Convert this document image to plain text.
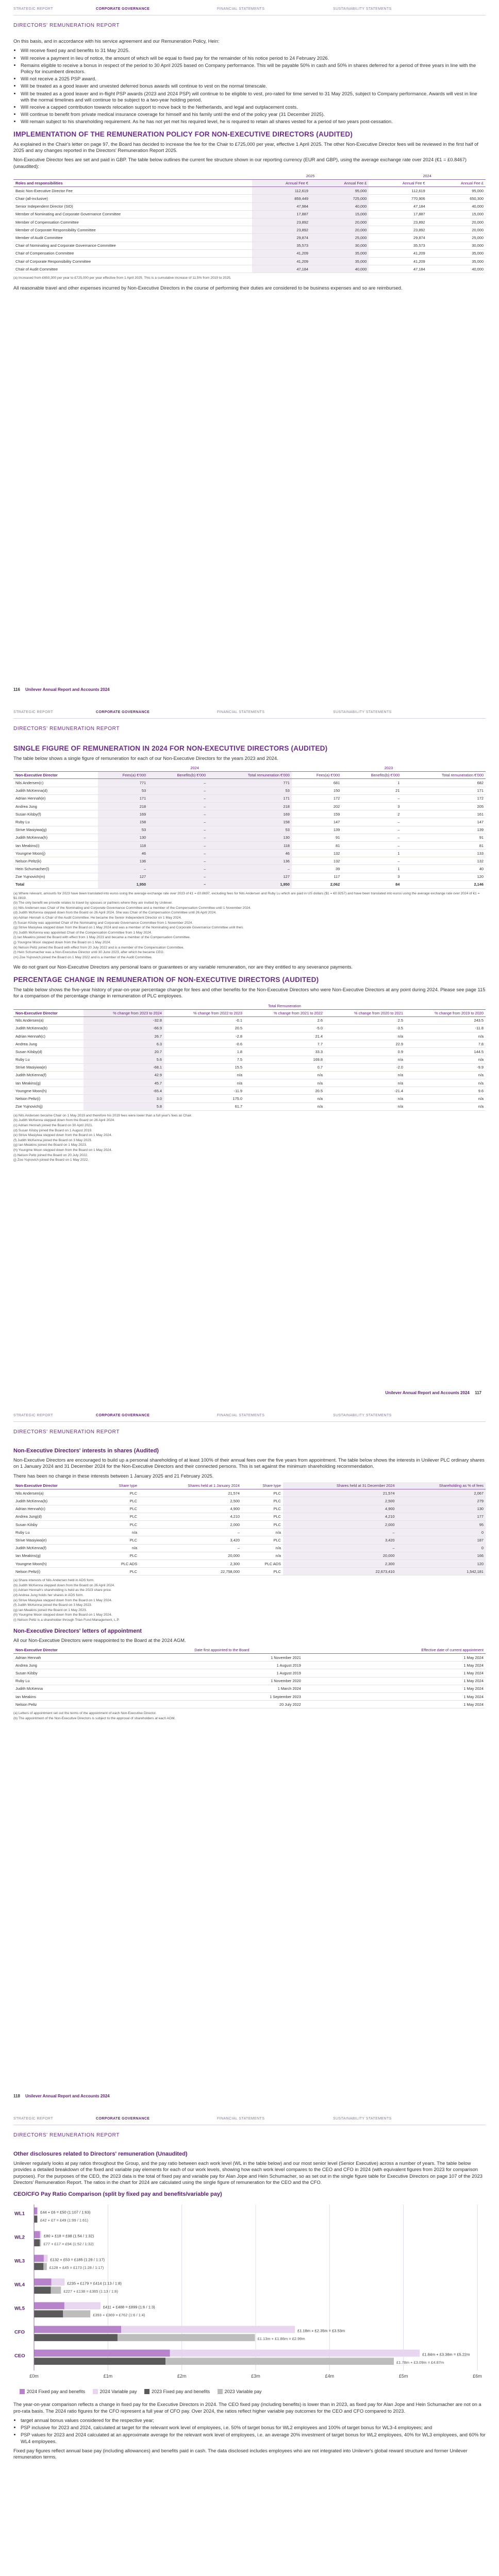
STRATEGIC REPORT	CORPORATE GOVERNANCE	FINANCIAL STATEMENTS	SUSTAINABILITY STATEMENTS
DIRECTORS' REMUNERATION REPORT

On this basis, and in accordance with his service agreement and our Remuneration Policy, Hein:

• Will receive fixed pay and benefits to 31 May 2025.
• Will receive a payment in lieu of notice, the amount of which will be equal to fixed pay for the remainder of his notice period to 24 February 2026.
• Remains eligible to receive a bonus in respect of the period to 30 April 2025 based on Company performance. This will be payable 50% in cash and 50% in shares deferred for a period of three years in line with the Policy for incumbent directors.
• Will not receive a 2025 PSP award.
• Will be treated as a good leaver and unvested deferred bonus awards will continue to vest on the normal timescale.
• Will be treated as a good leaver and in-flight PSP awards (2023 and 2024 PSP) will continue to be eligible to vest, pro-rated for time served to 31 May 2025, subject to Company performance. Awards will vest in line with the normal timelines and will continue to be subject to a two-year holding period.
• Will receive a capped contribution towards relocation support to move back to the Netherlands, and legal and outplacement costs.
• Will continue to benefit from private medical insurance coverage for himself and his family until the end of the policy year (31 December 2025).
• Will remain subject to his shareholding requirement. As he has not yet met his required level, he is required to retain all shares vested for a period of two years post-cessation.
IMPLEMENTATION OF THE REMUNERATION POLICY FOR NON-EXECUTIVE DIRECTORS (AUDITED)

As explained in the Chair's letter on page 97, the Board has decided to increase the fee for the Chair to £725,000 per year, effective 1 April 2025. The other Non-Executive Director fees will be reviewed in the first half of 2025 and any changes reported in the Directors' Remuneration Report 2025.

Non-Executive Director fees are set and paid in GBP. The table below outlines the current fee structure shown in our reporting currency (EUR and GBP), using the average exchange rate over 2024 (€1 = £0.8467) (unaudited):

	2025		2024	
Roles and responsibilities	Annual Fee €	Annual Fee £	Annual Fee €	Annual Fee £
Basic Non-Executive Director Fee	112,619	95,000	112,619	95,000
Chair (all-inclusive)	859,449	725,000	770,906	650,300
Senior Independent Director (SID)	47,984	40,000	47,184	40,000
Member of Nominating and Corporate Governance Committee	17,887	15,000	17,887	15,000
Member of Compensation Committee	23,892	20,000	23,892	20,000
Member of Corporate Responsibility Committee	23,892	20,000	23,892	20,000
Member of Audit Committee	29,874	25,000	29,874	25,000
Chair of Nominating and Corporate Governance Committee	35,573	30,000	35,573	30,000
Chair of Compensation Committee	41,209	35,000	41,209	35,000
Chair of Corporate Responsibility Committee	41,209	35,000	41,209	35,000
Chair of Audit Committee	47,184	40,000	47,184	40,000
(a) Increased from £650,300 per year to £725,000 per year effective from 1 April 2025. This is a cumulative increase of 11.5% from 2019 to 2025.

All reasonable travel and other expenses incurred by Non-Executive Directors in the course of performing their duties are considered to be business expenses and so are reimbursed.

116 Unilever Annual Report and Accounts 2024
STRATEGIC REPORT	CORPORATE GOVERNANCE	FINANCIAL STATEMENTS	SUSTAINABILITY STATEMENTS
DIRECTORS' REMUNERATION REPORT
SINGLE FIGURE OF REMUNERATION IN 2024 FOR NON-EXECUTIVE DIRECTORS (AUDITED)

The table below shows a single figure of remuneration for each of our Non-Executive Directors for the years 2023 and 2024.

	2024			2023		
Non-Executive Director	Fees(a) €'000	Benefits(b) €'000	Total remuneration €'000	Fees(a) €'000	Benefits(b) €'000	Total remuneration €'000
Nils Andersen(c)	771	–	771	681	1	682
Judith McKenna(d)	53	–	53	150	21	171
Adrian Hennah(e)	171	–	171	172	–	172
Andrea Jung	218	–	218	202	3	205
Susan Kilsby(f)	169	–	169	159	2	161
Ruby Lu	158	–	158	147	–	147
Strive Masiyiwa(g)	53	–	53	139	–	139
Judith McKenna(h)	130	–	130	91	–	91
Ian Meakins(i)	118	–	118	81	–	81
Youngme Moon(j)	46	–	46	132	1	133
Nelson Peltz(k)	136	–	136	132	–	132
Hein Schumacher(l)	–	–	–	39	1	40
Zoe Yujnovich(m)	127	–	127	117	3	120
Total	1,950	–	1,950	2,062	84	2,146
(a) Where relevant, amounts for 2023 have been translated into euros using the average exchange rate over 2023 of €1 = £0.8697, excluding fees for Nils Andersen and Ruby Lu which are paid in US dollars ($1 = €0.9257) and have been translated into euros using the average exchange rate over 2024 of €1 = $1.0819.
(b) The only benefit we provide relates to travel by spouses or partners where they are invited by Unilever.
(c) Nils Andersen was Chair of the Nominating and Corporate Governance Committee and a member of the Compensation Committee until 1 November 2024.
(d) Judith McKenna stepped down from the Board on 26 April 2024. She was Chair of the Compensation Committee until 26 April 2024.
(e) Adrian Hennah is Chair of the Audit Committee. He became the Senior Independent Director on 1 May 2024.
(f) Susan Kilsby was appointed Chair of the Nominating and Corporate Governance Committee from 1 November 2024.
(g) Strive Masiyiwa stepped down from the Board on 1 May 2024 and was a member of the Nominating and Corporate Governance Committee until then.
(h) Judith McKenna was appointed Chair of the Compensation Committee from 1 May 2024.
(i) Ian Meakins joined the Board with effect from 1 May 2023 and became a member of the Compensation Committee.
(j) Youngme Moon stepped down from the Board on 1 May 2024.
(k) Nelson Peltz joined the Board with effect from 20 July 2022 and is a member of the Compensation Committee.
(l) Hein Schumacher was a Non-Executive Director until 30 June 2023, after which he became CEO.
(m) Zoe Yujnovich joined the Board on 1 May 2022 and is a member of the Audit Committee.

We do not grant our Non-Executive Directors any personal loans or guarantees or any variable remuneration, nor are they entitled to any severance payments.

PERCENTAGE CHANGE IN REMUNERATION OF NON-EXECUTIVE DIRECTORS (AUDITED)

The table below shows the five-year history of year-on-year percentage change for fees and other benefits for the Non-Executive Directors who were Non-Executive Directors at any point during 2024. Please see page 115 for a comparison of the percentage change in remuneration of PLC employees.

	Total Remuneration				
Non-Executive Director	% change from 2023 to 2024	% change from 2022 to 2023	% change from 2021 to 2022	% change from 2020 to 2021	% change from 2019 to 2020
Nils Andersen(a)	-32.8	-0.1	2.6	2.5	243.5
Judith McKenna(b)	-66.9	20.5	-5.0	-3.5	-11.8
Adrian Hennah(c)	26.7	-2.8	21.4	n/a	n/a
Andrea Jung	6.3	-0.6	7.7	22.9	7.8
Susan Kilsby(d)	20.7	1.8	33.3	0.9	144.5
Ruby Lu	5.6	7.5	169.8	n/a	n/a
Strive Masiyiwa(e)	-68.1	15.5	0.7	-2.0	-9.9
Judith McKenna(f)	42.9	n/a	n/a	n/a	n/a
Ian Meakins(g)	45.7	n/a	n/a	n/a	n/a
Youngme Moon(h)	-65.4	-11.9	20.5	-21.4	9.6
Nelson Peltz(i)	3.0	175.0	n/a	n/a	n/a
Zoe Yujnovich(j)	5.8	61.7	n/a	n/a	n/a
(a) Nils Andersen became Chair on 1 May 2019 and therefore his 2019 fees were lower than a full year's fees as Chair.
(b) Judith McKenna stepped down from the Board on 26 April 2024.
(c) Adrian Hennah joined the Board on 30 April 2021.
(d) Susan Kilsby joined the Board on 1 August 2019.
(e) Strive Masiyiwa stepped down from the Board on 1 May 2024.
(f) Judith McKenna joined the Board on 3 May 2023.
(g) Ian Meakins joined the Board on 1 May 2023.
(h) Youngme Moon stepped down from the Board on 1 May 2024.
(i) Nelson Peltz joined the Board on 20 July 2022.
(j) Zoe Yujnovich joined the Board on 1 May 2022.
Unilever Annual Report and Accounts 2024 117
STRATEGIC REPORT	CORPORATE GOVERNANCE	FINANCIAL STATEMENTS	SUSTAINABILITY STATEMENTS
DIRECTORS' REMUNERATION REPORT
Non-Executive Directors' interests in shares (Audited)

Non-Executive Directors are encouraged to build up a personal shareholding of at least 100% of their annual fees over the five years from appointment. The table below shows the interests in Unilever PLC ordinary shares on 1 January 2024 and 31 December 2024 for the Non-Executive Directors and their connected persons. This is set against the minimum shareholding recommendation.

There has been no change in these interests between 1 January 2025 and 21 February 2025.

Non-Executive Director	Share type	Shares held at 1 January 2024	Share type	Shares held at 31 December 2024	Shareholding as % of fees
Nils Andersen(a)	PLC	21,574	PLC	21,574	2,067
Judith McKenna(b)	PLC	2,500	PLC	2,500	279
Adrian Hennah(c)	PLC	4,900	PLC	4,900	130
Andrea Jung(d)	PLC	4,210	PLC	4,210	177
Susan Kilsby	PLC	2,000	PLC	2,000	95
Ruby Lu	n/a	–	n/a	–	0
Strive Masiyiwa(e)	PLC	3,420	PLC	3,420	187
Judith McKenna(f)	n/a	–	n/a	–	0
Ian Meakins(g)	PLC	20,000	n/a	20,000	166
Youngme Moon(h)	PLC ADS	2,300	PLC ADS	2,300	120
Nelson Peltz(i)	PLC	22,758,000	PLC	22,673,410	1,542,181
(a) Share interests of Nils Andersen held in ADS form.
(b) Judith McKenna stepped down from the Board on 26 April 2024.
(c) Adrian Hennah's shareholding is held as the 2023 share price.
(d) Andrea Jung holds her shares in ADS form.
(e) Strive Masiyiwa stepped down from the Board on 1 May 2024.
(f) Judith McKenna joined the Board on 3 May 2023.
(g) Ian Meakins joined the Board on 1 May 2023.
(h) Youngme Moon stepped down from the Board on 1 May 2024.
(i) Nelson Peltz is a shareholder through Trian Fund Management, L.P.
Non-Executive Directors' letters of appointment

All our Non-Executive Directors were reappointed to the Board at the 2024 AGM.

Non-Executive Director	Date first appointed to the Board	Effective date of current appointment
Adrian Hennah	1 November 2021	1 May 2024
Andrea Jung	1 August 2019	1 May 2024
Susan Kilsby	1 August 2019	1 May 2024
Ruby Lu	1 November 2020	1 May 2024
Judith McKenna	1 March 2024	1 May 2024
Ian Meakins	1 September 2023	1 May 2024
Nelson Peltz	20 July 2022	1 May 2024
(a) Letters of appointment set out the terms of the appointment of each Non-Executive Director.
(b) The appointment of the Non-Executive Directors is subject to the approval of shareholders at each AGM.
118 Unilever Annual Report and Accounts 2024
STRATEGIC REPORT	CORPORATE GOVERNANCE	FINANCIAL STATEMENTS	SUSTAINABILITY STATEMENTS
DIRECTORS' REMUNERATION REPORT
Other disclosures related to Directors' remuneration (Unaudited)

Unilever regularly looks at pay ratios throughout the Group, and the pay ratio between each work level (WL in the table below) and our most senior level (Senior Executive) across a number of years. The table below provides a detailed breakdown of the fixed and variable pay elements for each of our work levels, showing how each work level compares to the CEO and CFO in 2024 (with equivalent figures from 2023 for comparison purposes). For the purposes of the CEO, the 2023 data is the total of fixed pay and variable pay for Alan Jope and Hein Schumacher, so as set out in the single figure table for Executive Directors on page 107 of the 2023 Directors' Remuneration Report. The ratios in the chart for 2024 are calculated using the single figure of remuneration for the CEO and the CFO.

CEO/CFO Pay Ratio Comparison (split by fixed pay and benefits/variable pay)
£0m	£1m	£2m	£3m	£4m	£5m	£6m
WL1	£44 + £6 = £50 (1:107 / 1:63)
£42 + £7 = £49 (1:99 / 1:61)
WL2	£80 + £18 = £98 (1:54 / 1:32)
£77 + £17 = £94 (1:52 / 1:32)
WL3	£132 + £53 = £185 (1:28 / 1:17)
£128 + £45 = £173 (1:28 / 1:17)
WL4	£235 + £179 = £414 (1:13 / 1:8)
£227 + £138 = £365 (1:13 / 1:8)
WL5	£411 + £488 = £899 (1:6 / 1:3)
£393 + £369 = £762 (1:6 / 1:4)
CFO	£1.18m + £2.35m = £3.53m
£1.13m + £1.86m = £2.99m
CEO	£1.84m + £3.38m = £5.22m
£1.78m + £3.09m = £4.87m
2024 Fixed pay and benefits	2024 Variable pay	2023 Fixed pay and benefits	2023 Variable pay

The year-on-year comparison reflects a change in fixed pay for the Executive Directors in 2024. The CEO fixed pay (including benefits) is lower than in 2023, as fixed pay for Alan Jope and Hein Schumacher are not on a pro-rata basis. The 2024 ratio figures for the CFO represent a full year of CFO pay. Over 2024, the ratios reflect higher variable pay outcomes for the CEO and CFO compared to 2023.

• target annual bonus values considered for the respective year;
• PSP inclusive for 2023 and 2024, calculated at target for the relevant work level of employees, i.e. 50% of target bonus for WL2 employees and 100% of target bonus for WL3-4 employees; and
• PSP values for 2023 and 2024 calculated at an approximate average for the relevant work level of employees, i.e. an average 20% investment of target bonus for WL2 employees, 40% for WL3 employees, and 60% for WL4 employees.

Fixed pay figures reflect annual base pay (including allowances) and benefits paid in cash. The data disclosed includes employees who are not integrated into Unilever's global reward structure and former Unilever remuneration terms.
